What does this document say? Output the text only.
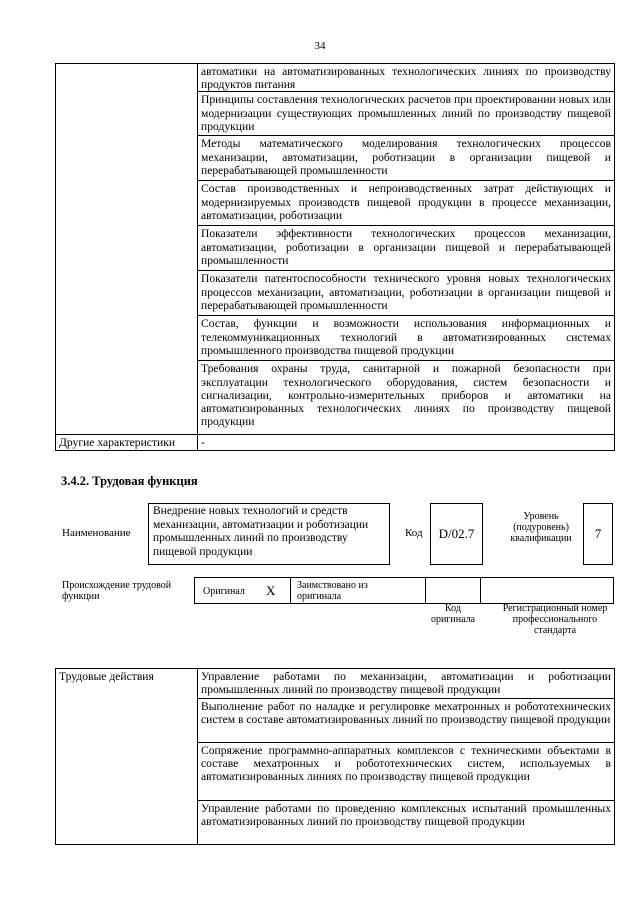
34
	автоматики на автоматизированных технологических линиях по производству продуктов питания
	Принципы составления технологических расчетов при проектировании новых или модернизации существующих промышленных линий по производству пищевой продукции
	Методы математического моделирования технологических процессов механизации, автоматизации, роботизации в организации пищевой и перерабатывающей промышленности
	Состав производственных и непроизводственных затрат действующих и модернизируемых производств пищевой продукции в процессе механизации, автоматизации, роботизации
	Показатели эффективности технологических процессов механизации, автоматизации, роботизации в организации пищевой и перерабатывающей промышленности
	Показатели патентоспособности технического уровня новых технологических процессов механизации, автоматизации, роботизации в организации пищевой и перерабатывающей промышленности
	Состав, функции и возможности использования информационных и телекоммуникационных технологий в автоматизированных системах промышленного производства пищевой продукции
	Требования охраны труда, санитарной и пожарной безопасности при эксплуатации технологического оборудования, систем безопасности и сигнализации, контрольно-измерительных приборов и автоматики на автоматизированных технологических линиях по производству пищевой продукции
Другие характеристики	-
3.4.2. Трудовая функция
Наименование
Внедрение новых технологий и средств механизации, автоматизации и роботизации промышленных линий по производству пищевой продукции
Код D/02.7
Уровень (подуровень) квалификации	7
Происхождение трудовой функции	Оригинал X Заимствовано из оригинала
Код оригинала
Регистрационный номер профессионального стандарта
Трудовые действия	Управление работами по механизации, автоматизации и роботизации промышленных линий по производству пищевой продукции
Выполнение работ по наладке и регулировке мехатронных и робототехнических систем в составе автоматизированных линий по производству пищевой продукции
Сопряжение программно-аппаратных комплексов с техническими объектами в составе мехатронных и робототехнических систем, используемых в автоматизированных линиях по производству пищевой продукции
Управление работами по проведению комплексных испытаний промышленных автоматизированных линий по производству пищевой продукции
